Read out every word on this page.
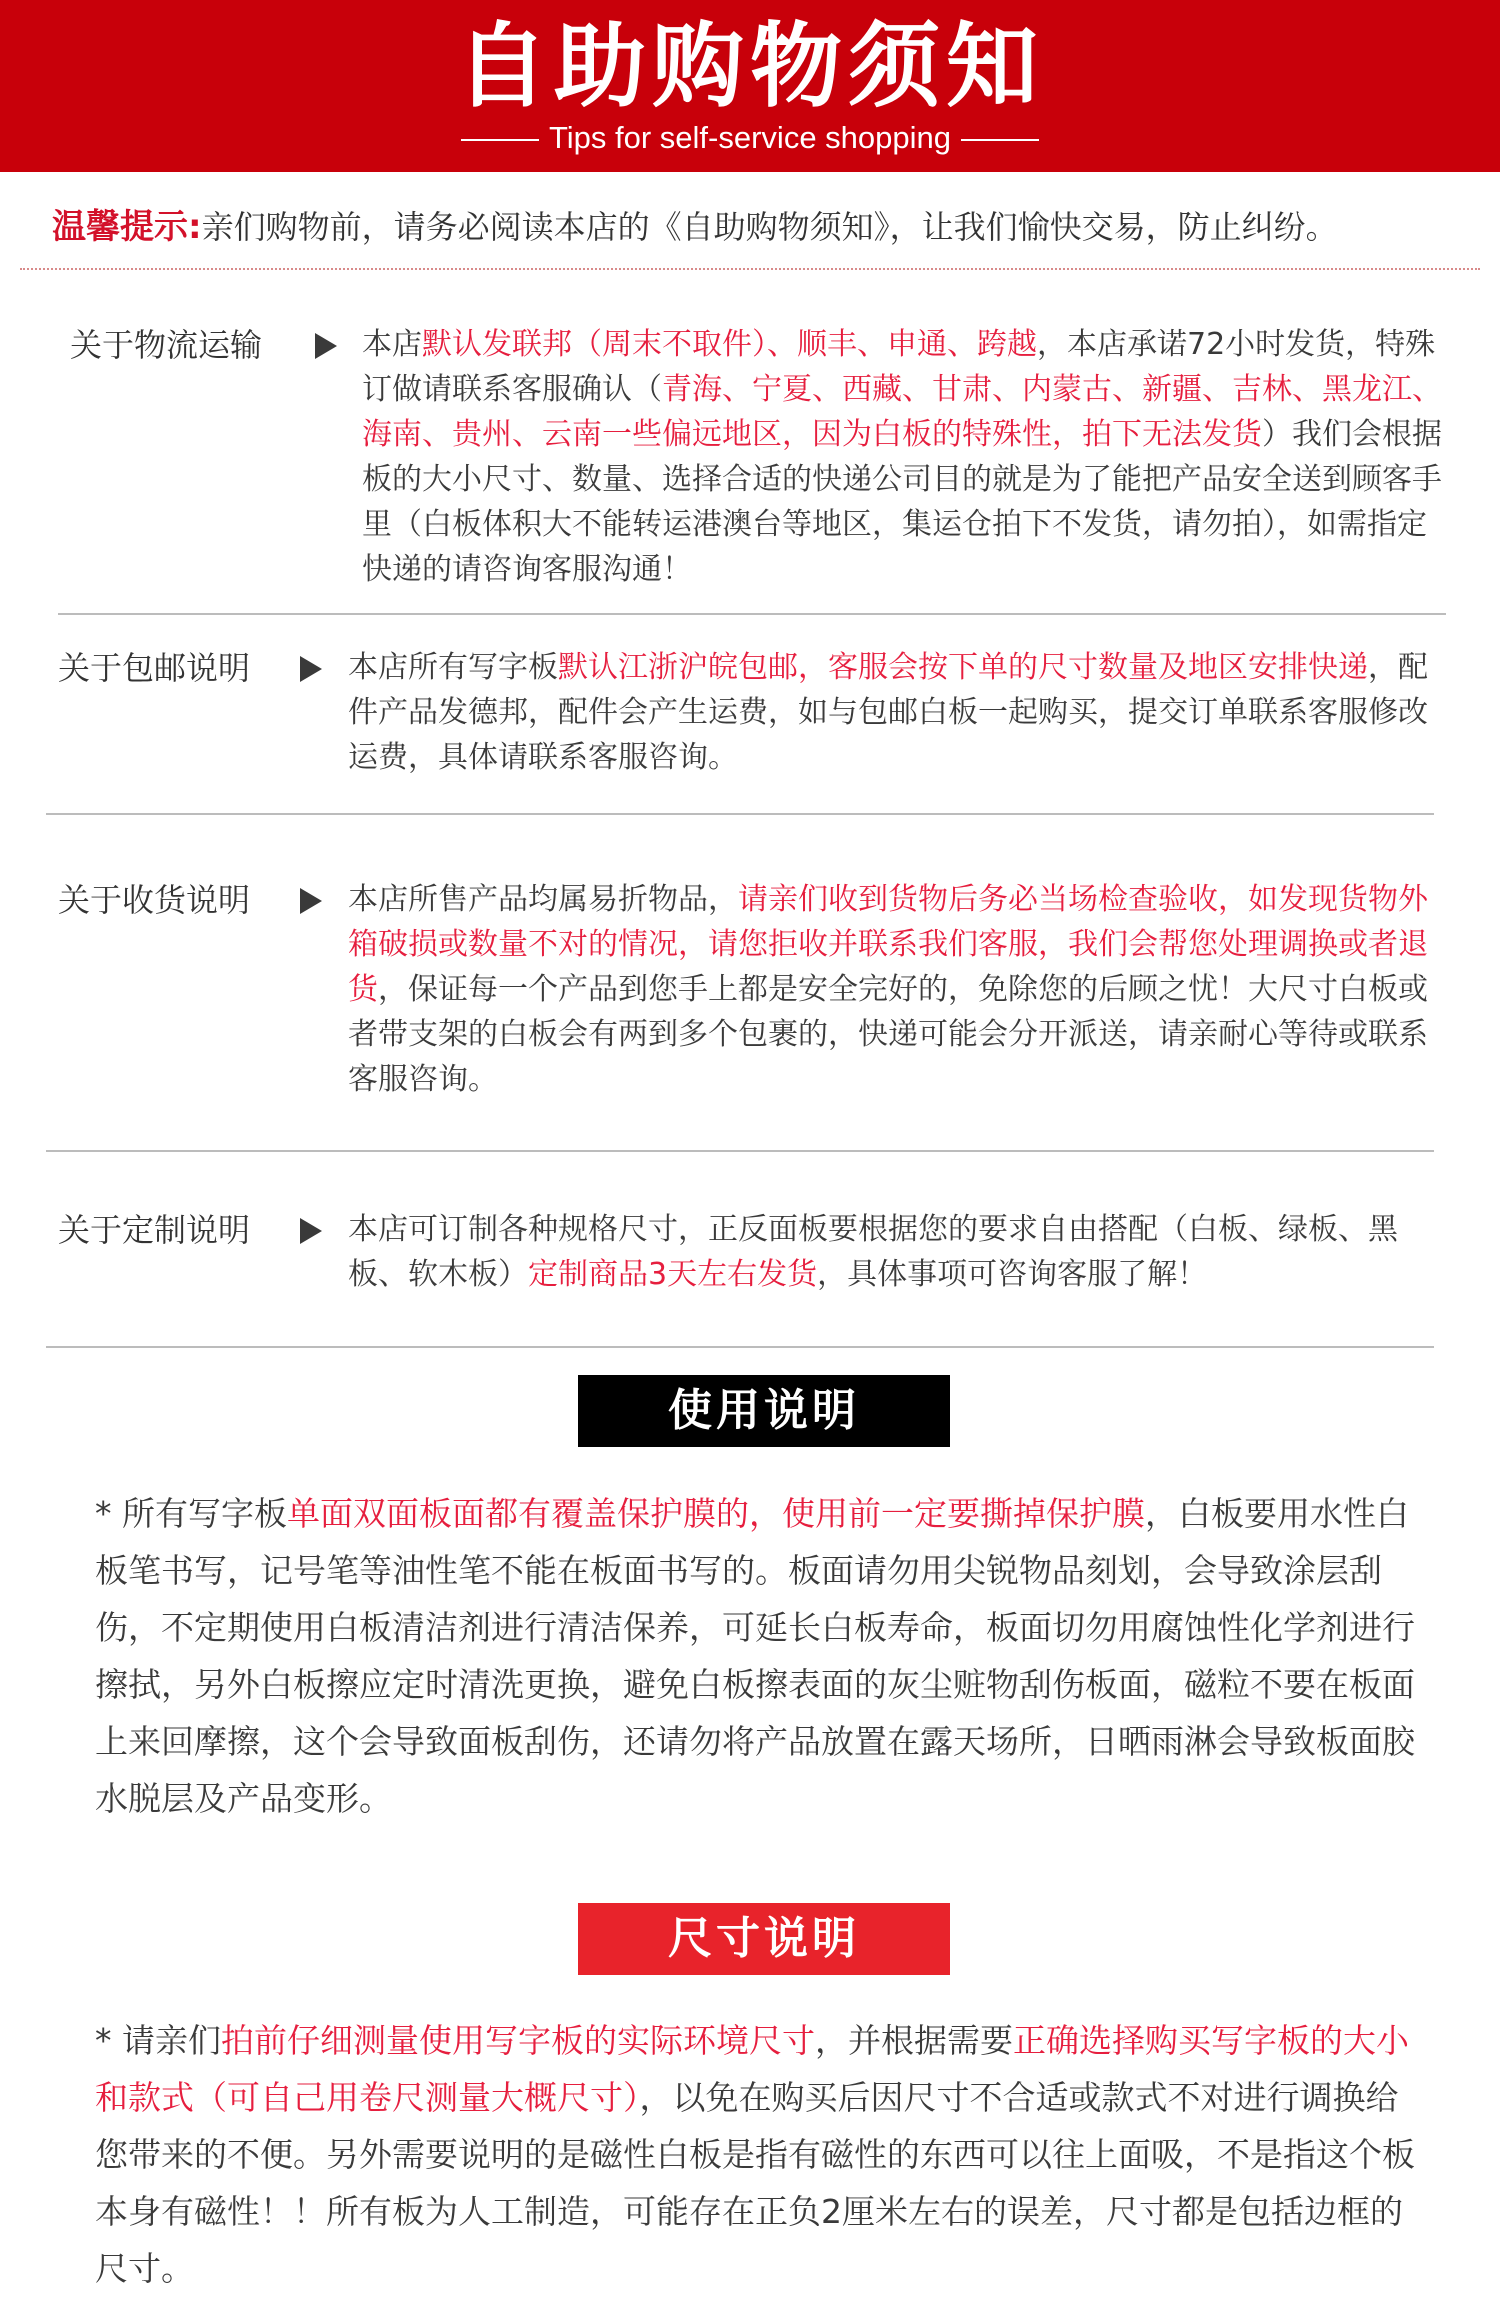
自助购物须知
Tips for self-service shopping
温馨提示:亲们购物前，请务必阅读本店的《自助购物须知》，让我们愉快交易，防止纠纷。
关于物流运输	本店默认发联邦（周末不取件）、顺丰、申通、跨越，本店承诺72小时发货，特殊订做请联系客服确认（青海、宁夏、西藏、甘肃、内蒙古、新疆、吉林、黑龙江、海南、贵州、云南一些偏远地区，因为白板的特殊性，拍下无法发货）我们会根据板的大小尺寸、数量、选择合适的快递公司目的就是为了能把产品安全送到顾客手里（白板体积大不能转运港澳台等地区，集运仓拍下不发货，请勿拍），如需指定快递的请咨询客服沟通！
关于包邮说明	本店所有写字板默认江浙沪皖包邮，客服会按下单的尺寸数量及地区安排快递，配件产品发德邦，配件会产生运费，如与包邮白板一起购买，提交订单联系客服修改运费，具体请联系客服咨询。
关于收货说明	本店所售产品均属易折物品，请亲们收到货物后务必当场检查验收，如发现货物外箱破损或数量不对的情况，请您拒收并联系我们客服，我们会帮您处理调换或者退货，保证每一个产品到您手上都是安全完好的，免除您的后顾之忧！大尺寸白板或者带支架的白板会有两到多个包裹的，快递可能会分开派送，请亲耐心等待或联系客服咨询。
关于定制说明	本店可订制各种规格尺寸，正反面板要根据您的要求自由搭配（白板、绿板、黑板、软木板）定制商品3天左右发货，具体事项可咨询客服了解！
使用说明
* 所有写字板单面双面板面都有覆盖保护膜的，使用前一定要撕掉保护膜，白板要用水性白板笔书写，记号笔等油性笔不能在板面书写的。板面请勿用尖锐物品刻划，会导致涂层刮伤，不定期使用白板清洁剂进行清洁保养，可延长白板寿命，板面切勿用腐蚀性化学剂进行擦拭，另外白板擦应定时清洗更换，避免白板擦表面的灰尘赃物刮伤板面，磁粒不要在板面上来回摩擦，这个会导致面板刮伤，还请勿将产品放置在露天场所，日晒雨淋会导致板面胶水脱层及产品变形。
尺寸说明
* 请亲们拍前仔细测量使用写字板的实际环境尺寸，并根据需要正确选择购买写字板的大小和款式（可自己用卷尺测量大概尺寸），以免在购买后因尺寸不合适或款式不对进行调换给您带来的不便。另外需要说明的是磁性白板是指有磁性的东西可以往上面吸，不是指这个板本身有磁性！！所有板为人工制造，可能存在正负2厘米左右的误差，尺寸都是包括边框的尺寸。
